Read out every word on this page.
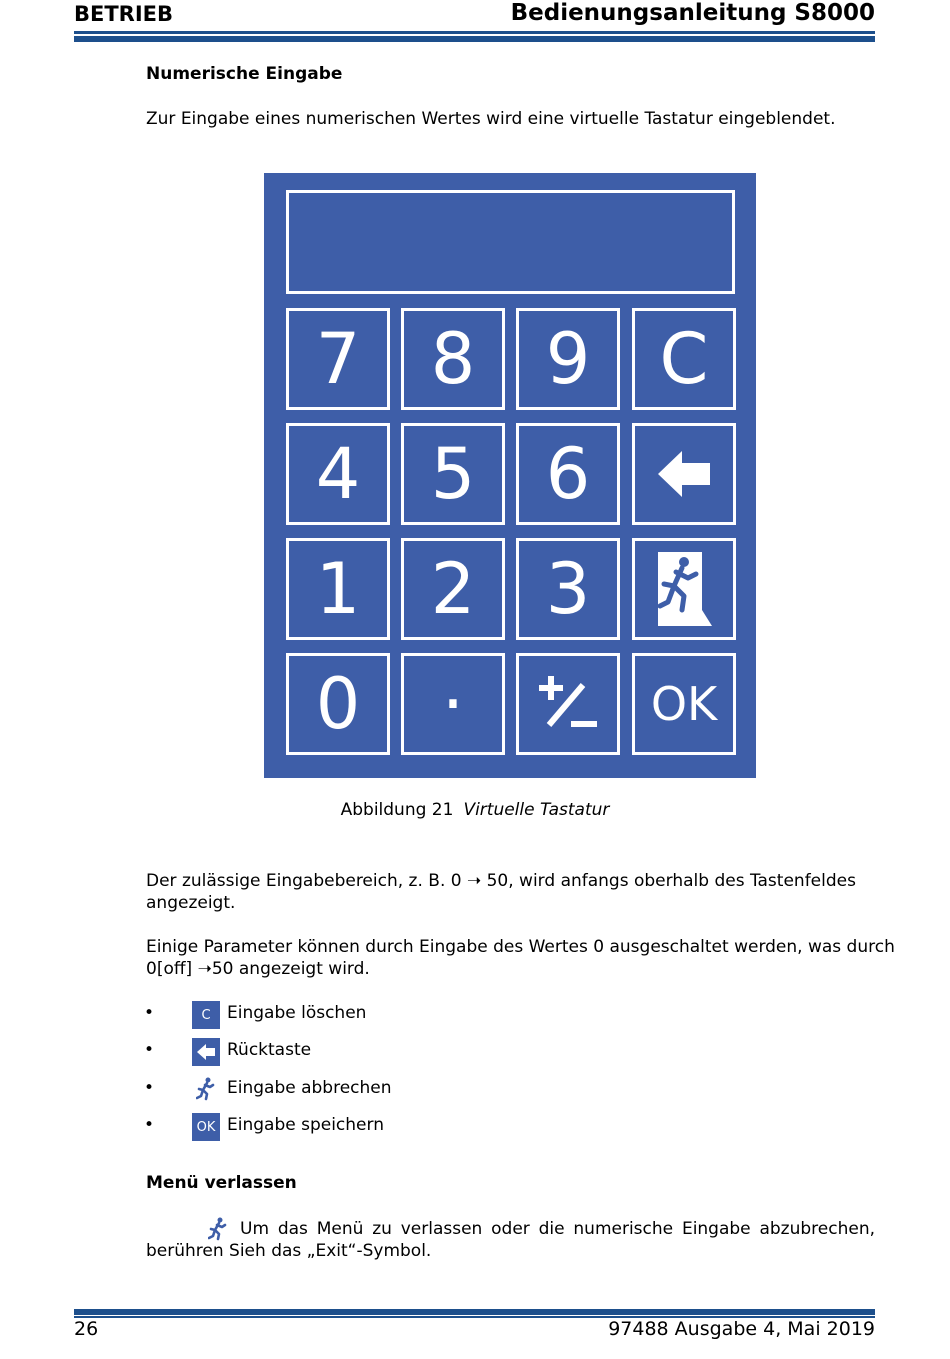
BETRIEB	Bedienungsanleitung S8000
Numerische Eingabe
Zur Eingabe eines numerischen Wertes wird eine virtuelle Tastatur eingeblendet.
7	8	9 C
4	5	6
1	2	3
0	·	OK
Abbildung 21 Virtuelle Tastatur
Der zulässige Eingabebereich, z. B. 0 ➝ 50, wird anfangs oberhalb des Tastenfeldes
angezeigt.
Einige Parameter können durch Eingabe des Wertes 0 ausgeschaltet werden, was durch
0[off] ➝50 angezeigt wird.
•	C Eingabe löschen
•	Rücktaste
•	Eingabe abbrechen
•	OK Eingabe speichern
Menü verlassen
Um das Menü zu verlassen oder die numerische Eingabe abzubrechen,
berühren Sieh das „Exit“-Symbol.
26	97488 Ausgabe 4, Mai 2019
